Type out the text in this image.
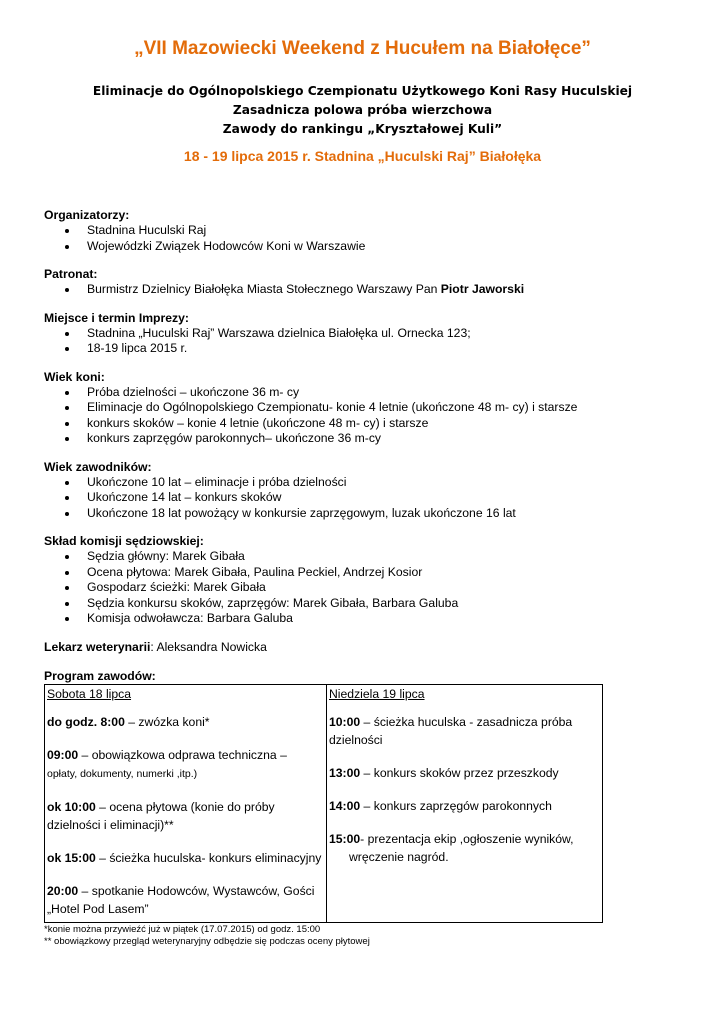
„VII Mazowiecki Weekend z Hucułem na Białołęce”
Eliminacje do Ogólnopolskiego Czempionatu Użytkowego Koni Rasy Huculskiej
Zasadnicza polowa próba wierzchowa
Zawody do rankingu „Kryształowej Kuli”
18 - 19 lipca 2015 r. Stadnina „Huculski Raj” Białołęka
Organizatorzy:
Stadnina Huculski Raj
Wojewódzki Związek Hodowców Koni w Warszawie
Patronat:
Burmistrz Dzielnicy Białołęka Miasta Stołecznego Warszawy Pan Piotr Jaworski
Miejsce i termin Imprezy:
Stadnina „Huculski Raj” Warszawa dzielnica Białołęka ul. Ornecka 123;
18-19 lipca 2015 r.
Wiek koni:
Próba dzielności – ukończone 36 m- cy
Eliminacje do Ogólnopolskiego Czempionatu- konie 4 letnie (ukończone 48 m- cy) i starsze
konkurs skoków – konie 4 letnie (ukończone 48 m- cy) i starsze
konkurs zaprzęgów parokonnych– ukończone 36 m-cy
Wiek zawodników:
Ukończone 10 lat – eliminacje i próba dzielności
Ukończone 14 lat – konkurs skoków
Ukończone 18 lat powożący w konkursie zaprzęgowym, luzak ukończone 16 lat
Skład komisji sędziowskiej:
Sędzia główny: Marek Gibała
Ocena płytowa: Marek Gibała, Paulina Peckiel, Andrzej Kosior
Gospodarz ścieżki: Marek Gibała
Sędzia konkursu skoków, zaprzęgów: Marek Gibała, Barbara Galuba
Komisja odwoławcza: Barbara Galuba
Lekarz weterynarii: Aleksandra Nowicka
Program zawodów:
Sobota 18 lipca
do godz. 8:00 – zwózka koni*
09:00 – obowiązkowa odprawa techniczna –
opłaty, dokumenty, numerki ,itp.)
ok 10:00 – ocena płytowa (konie do próby dzielności i eliminacji)**
ok 15:00 – ścieżka huculska- konkurs eliminacyjny
20:00 – spotkanie Hodowców, Wystawców, Gości „Hotel Pod Lasem”

Niedziela 19 lipca
10:00 – ścieżka huculska - zasadnicza próba dzielności
13:00 – konkurs skoków przez przeszkody
14:00 – konkurs zaprzęgów parokonnych
15:00- prezentacja ekip ,ogłoszenie wyników,
wręczenie nagród.
*konie można przywieźć już w piątek (17.07.2015) od godz. 15:00
** obowiązkowy przegląd weterynaryjny odbędzie się podczas oceny płytowej
